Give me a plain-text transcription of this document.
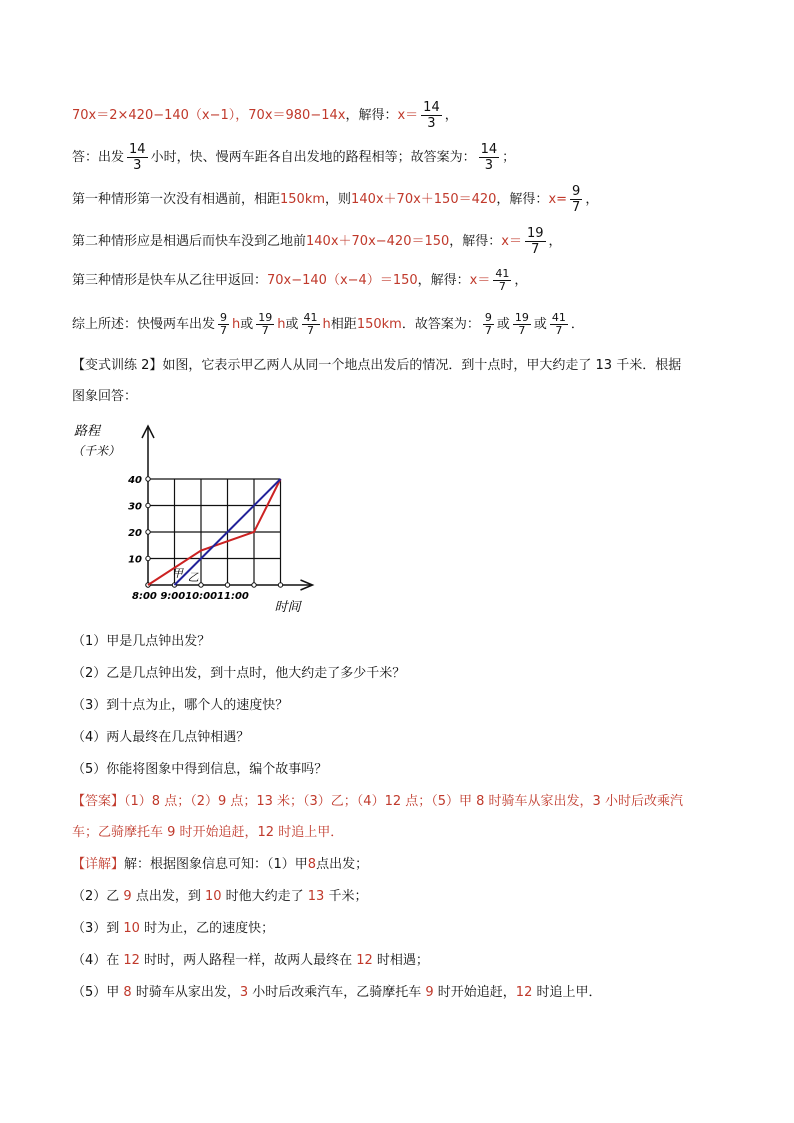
70x＝2×420−140（x−1），70x＝980−14x，解得：$x= \frac{14}{3}$ ，
答：出发 $\frac{14}{3}$ 小时，快、慢两车距各自出发地的路程相等；故答案为： $\frac{14}{3}$ ；
第一种情形第一次没有相遇前，相距150km，则140x＋70x＋150＝420，解得：$x= \frac{9}{7}$ ，
第二种情形应是相遇后而快车没到乙地前140x＋70x−420＝150，解得：$x= \frac{19}{7}$ ，
第三种情形是快车从乙往甲返回：70x−140（x−4）＝150，解得：$x= \frac{41}{7}$ ，
综上所述：快慢两车出发 $\frac{9}{7}$ h或 $\frac{19}{7}$ h或 $\frac{41}{7}$ h相距150km．故答案为： $\frac{9}{7}$ 或 $\frac{19}{7}$ 或 $\frac{41}{7}$ ．
【变式训练 2】如图，它表示甲乙两人从同一个地点出发后的情况．到十点时，甲大约走了 13 千米．根据
图象回答：
10
20
30
40
8:00 9:0010:0011:00
路程
（千米）
时间
甲 乙
（1）甲是几点钟出发？
（2）乙是几点钟出发，到十点时，他大约走了多少千米？
（3）到十点为止，哪个人的速度快？
（4）两人最终在几点钟相遇？
（5）你能将图象中得到信息，编个故事吗？
【答案】（1）8 点；（2）9 点；13 米；（3）乙；（4）12 点；（5）甲 8 时骑车从家出发，3 小时后改乘汽
车；乙骑摩托车 9 时开始追赶，12 时追上甲．
【详解】解：根据图象信息可知：（1）甲8点出发；
（2）乙 9 点出发，到 10 时他大约走了 13 千米；
（3）到 10 时为止，乙的速度快；
（4）在 12 时时，两人路程一样，故两人最终在 12 时相遇；
（5）甲 8 时骑车从家出发，3 小时后改乘汽车，乙骑摩托车 9 时开始追赶，12 时追上甲．
